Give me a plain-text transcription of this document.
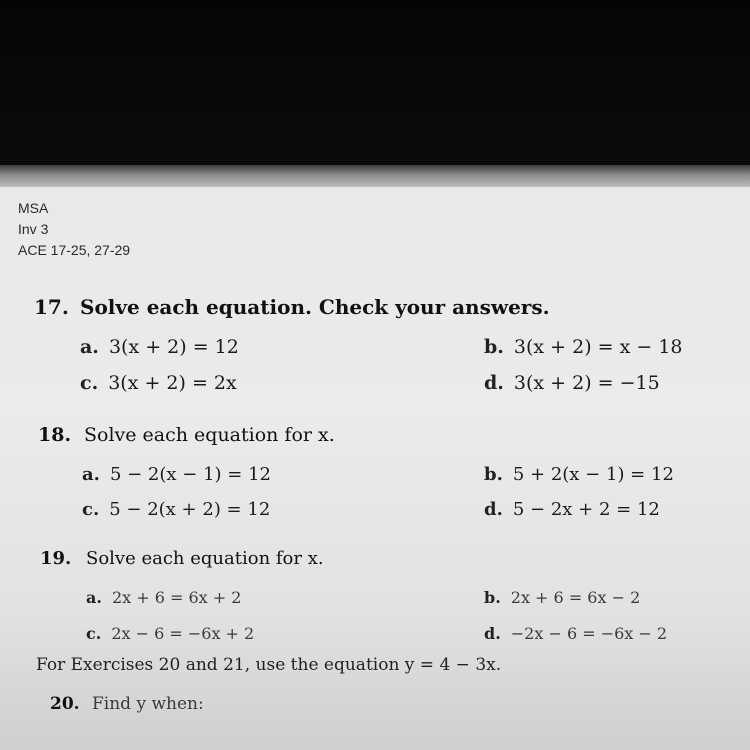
MSA
Inv 3
ACE 17-25, 27-29
17. Solve each equation. Check your answers.
a. 3(x + 2) = 12	b. 3(x + 2) = x − 18
c. 3(x + 2) = 2x	d. 3(x + 2) = −15
18. Solve each equation for x.
a. 5 − 2(x − 1) = 12	b. 5 + 2(x − 1) = 12
c. 5 − 2(x + 2) = 12	d. 5 − 2x + 2 = 12
19. Solve each equation for x.
a. 2x + 6 = 6x + 2	b. 2x + 6 = 6x − 2
c. 2x − 6 = −6x + 2	d. −2x − 6 = −6x − 2
For Exercises 20 and 21, use the equation y = 4 − 3x.
20. Find y when:
